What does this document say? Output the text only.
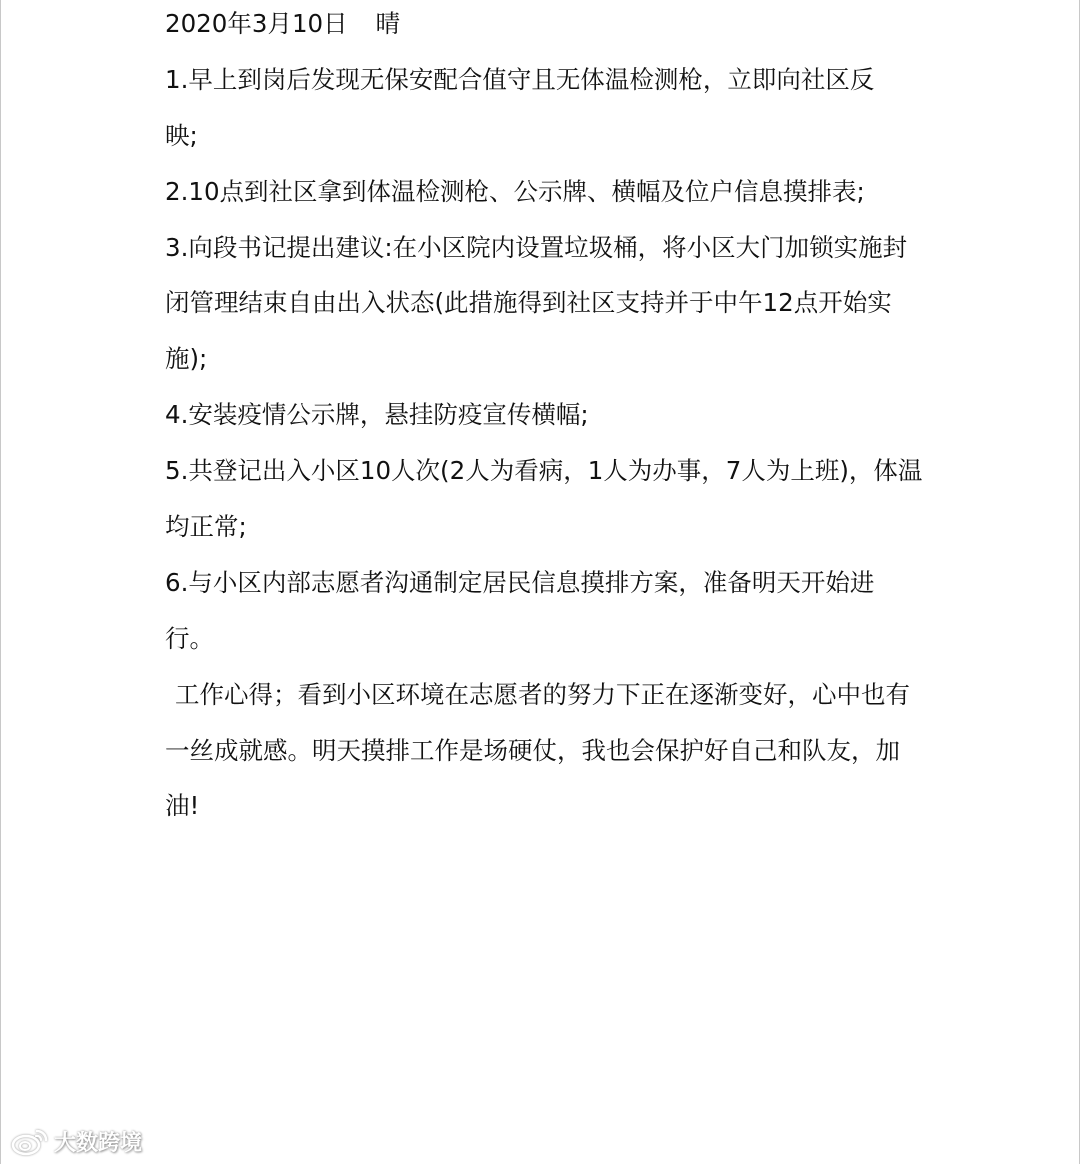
2020年3月10日 晴
1.早上到岗后发现无保安配合值守且无体温检测枪，立即向社区反
映;
2.10点到社区拿到体温检测枪、公示牌、横幅及位户信息摸排表;
3.向段书记提出建议:在小区院内设置垃圾桶，将小区大门加锁实施封
闭管理结束自由出入状态(此措施得到社区支持并于中午12点开始实
施);
4.安装疫情公示牌，悬挂防疫宣传横幅;
5.共登记出入小区10人次(2人为看病，1人为办事，7人为上班)，体温
均正常;
6.与小区内部志愿者沟通制定居民信息摸排方案，准备明天开始进
行。
工作心得；看到小区环境在志愿者的努力下正在逐渐变好，心中也有
一丝成就感。明天摸排工作是场硬仗，我也会保护好自己和队友，加
油!
大数跨境
